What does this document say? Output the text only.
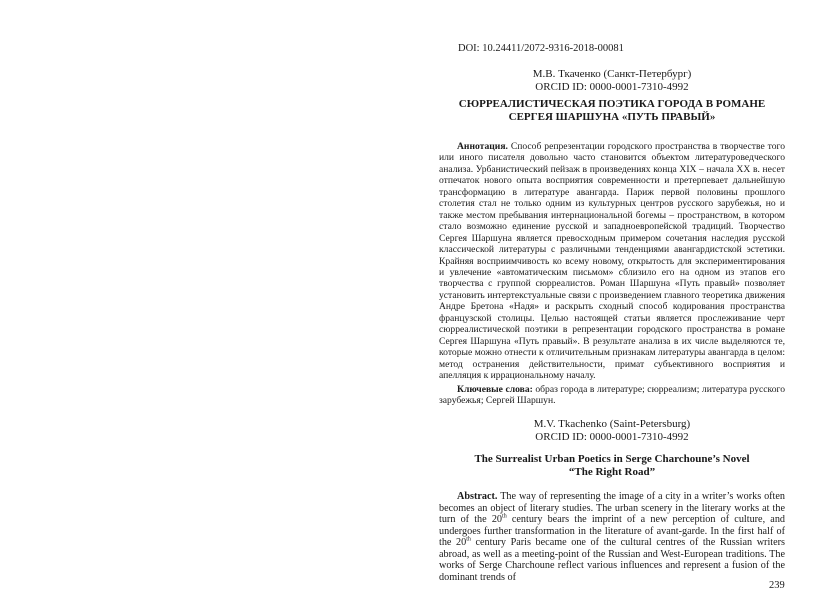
DOI: 10.24411/2072-9316-2018-00081
М.В. Ткаченко (Санкт-Петербург)
ORCID ID: 0000-0001-7310-4992
СЮРРЕАЛИСТИЧЕСКАЯ ПОЭТИКА ГОРОДА В РОМАНЕ
СЕРГЕЯ ШАРШУНА «ПУТЬ ПРАВЫЙ»

Аннотация. Способ репрезентации городского пространства в творчестве того или иного писателя довольно часто становится объектом литературоведческого анализа. Урбанистический пейзаж в произведениях конца XIX – начала XX в. несет отпечаток нового опыта восприятия современности и претерпевает дальнейшую трансформацию в литературе авангарда. Париж первой половины прошлого столетия стал не только одним из культурных центров русского зарубежья, но и также местом пребывания интернациональной богемы – пространством, в котором стало возможно единение русской и западноевропейской традиций. Творчество Сергея Шаршуна является превосходным примером сочетания наследия русской классической литературы с различными тенденциями авангардистской эстетики. Крайняя восприимчивость ко всему новому, открытость для экспериментирования и увлечение «автоматическим письмом» сблизило его на одном из этапов его творчества с группой сюрреалистов. Роман Шаршуна «Путь правый» позволяет установить интертекстуальные связи с произведением главного теоретика движения Андре Бретона «Надя» и раскрыть сходный способ кодирования пространства французской столицы. Целью настоящей статьи является прослеживание черт сюрреалистической поэтики в репрезентации городского пространства в романе Сергея Шаршуна «Путь правый». В результате анализа в их числе выделяются те, которые можно отнести к отличительным признакам литературы авангарда в целом: метод остранения действительности, примат субъективного восприятия и апелляция к иррациональному началу.

Ключевые слова: образ города в литературе; сюрреализм; литература русского зарубежья; Сергей Шаршун.

M.V. Tkachenko (Saint-Petersburg)
ORCID ID: 0000-0001-7310-4992
The Surrealist Urban Poetics in Serge Charchoune’s Novel
“The Right Road”

Abstract. The way of representing the image of a city in a writer’s works often becomes an object of literary studies. The urban scenery in the literary works at the turn of the 20th century bears the imprint of a new perception of culture, and undergoes further transformation in the literature of avant-garde. In the first half of the 20th century Paris became one of the cultural centres of the Russian writers abroad, as well as a meeting-point of the Russian and West-European traditions. The works of Serge Charchoune reflect various influences and represent a fusion of the dominant trends of

239
